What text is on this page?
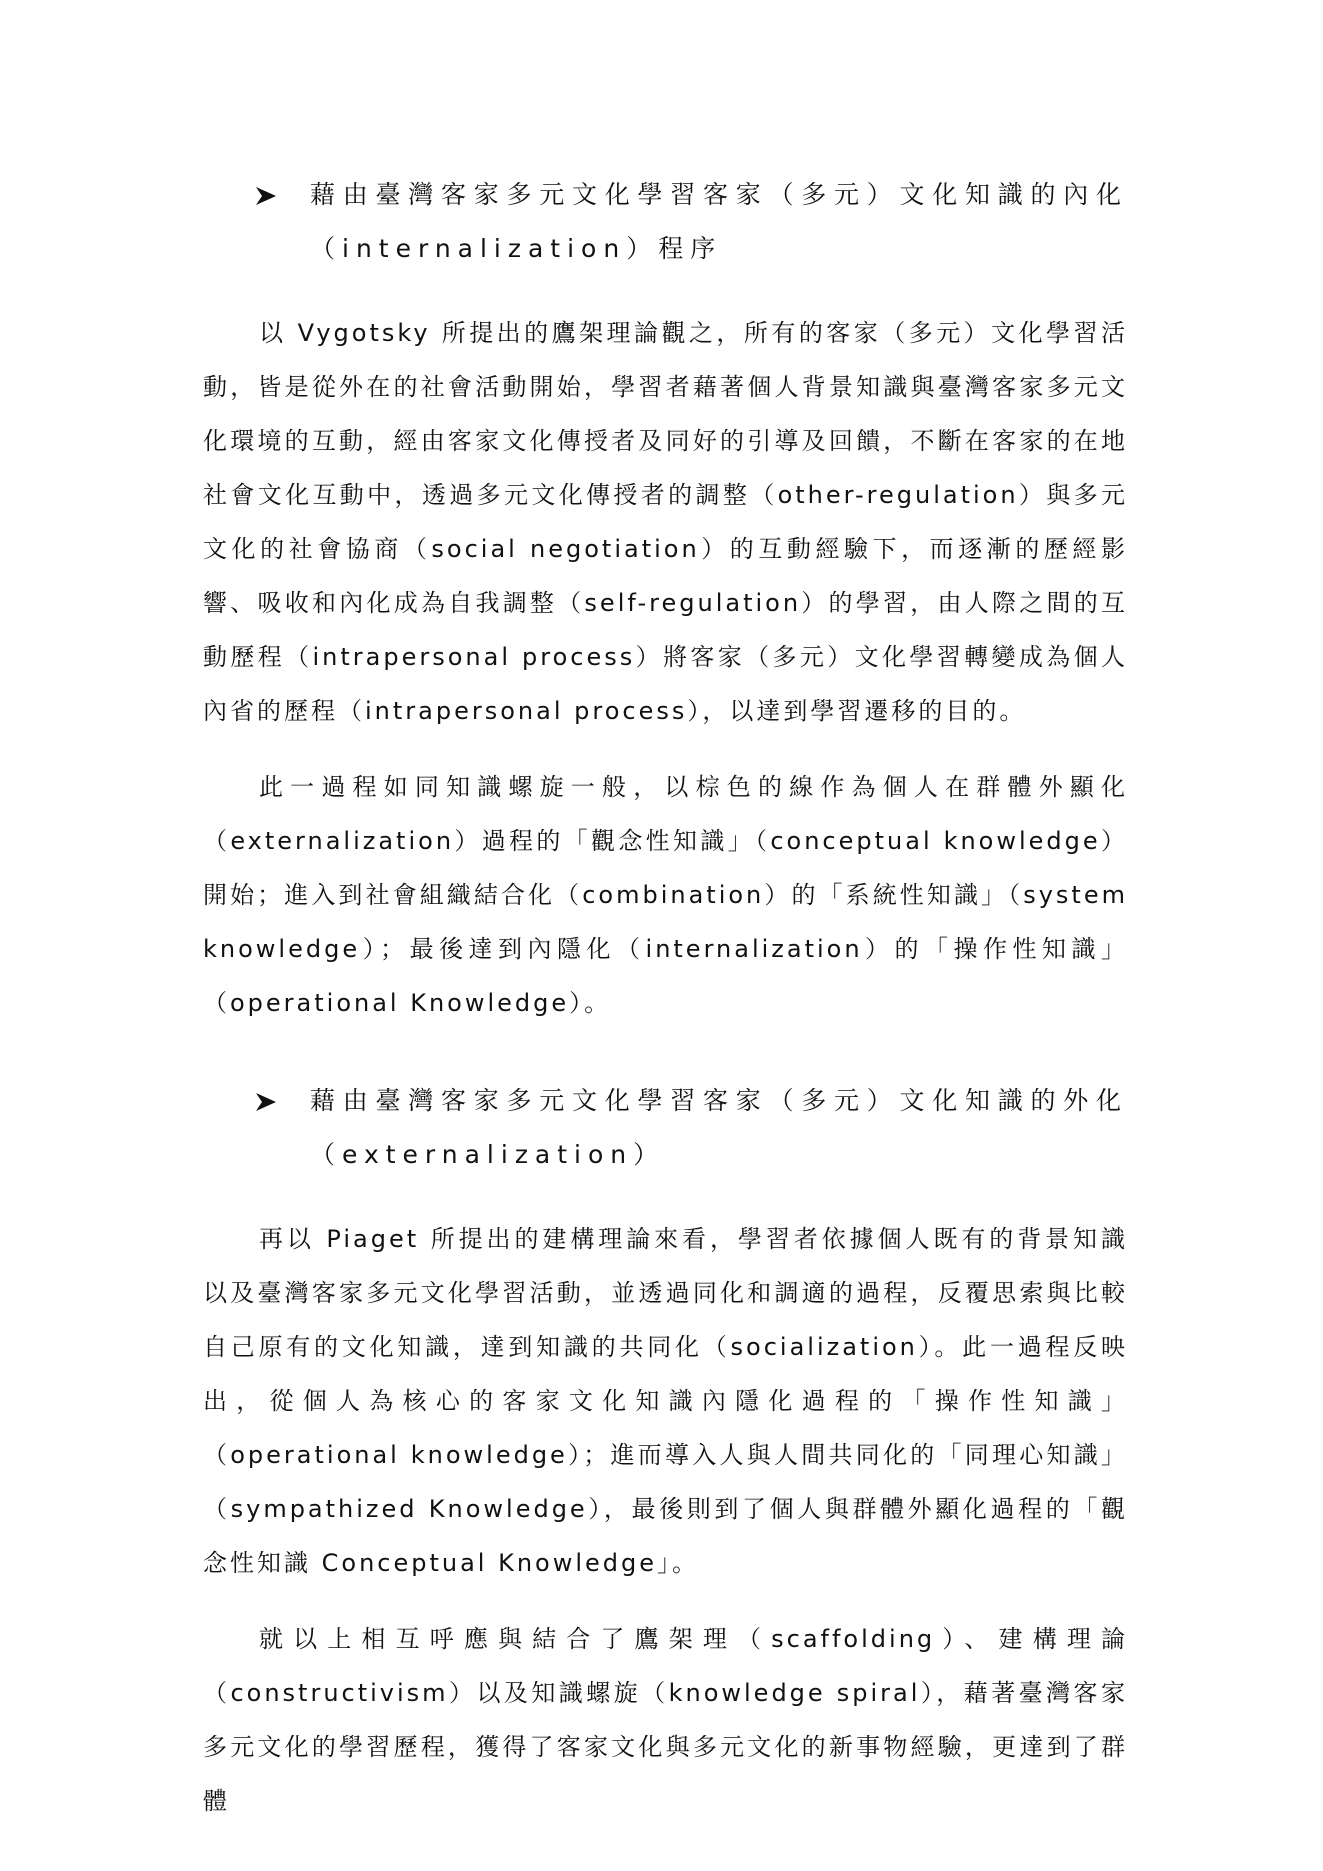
藉由臺灣客家多元文化學習客家（多元）文化知識的內化（internalization）程序

以 Vygotsky 所提出的鷹架理論觀之，所有的客家（多元）文化學習活動，皆是從外在的社會活動開始，學習者藉著個人背景知識與臺灣客家多元文化環境的互動，經由客家文化傳授者及同好的引導及回饋，不斷在客家的在地社會文化互動中，透過多元文化傳授者的調整（other-regulation）與多元文化的社會協商（social negotiation）的互動經驗下，而逐漸的歷經影響、吸收和內化成為自我調整（self-regulation）的學習，由人際之間的互動歷程（intrapersonal process）將客家（多元）文化學習轉變成為個人內省的歷程（intrapersonal process），以達到學習遷移的目的。

此一過程如同知識螺旋一般，以棕色的線作為個人在群體外顯化（externalization）過程的「觀念性知識」（conceptual knowledge）開始；進入到社會組織結合化（combination）的「系統性知識」（system knowledge）；最後達到內隱化（internalization）的「操作性知識」（operational Knowledge）。

藉由臺灣客家多元文化學習客家（多元）文化知識的外化（externalization）

再以 Piaget 所提出的建構理論來看，學習者依據個人既有的背景知識以及臺灣客家多元文化學習活動，並透過同化和調適的過程，反覆思索與比較自己原有的文化知識，達到知識的共同化（socialization）。此一過程反映出，從個人為核心的客家文化知識內隱化過程的「操作性知識」（operational knowledge）；進而導入人與人間共同化的「同理心知識」（sympathized Knowledge），最後則到了個人與群體外顯化過程的「觀念性知識 Conceptual Knowledge」。

就以上相互呼應與結合了鷹架理（scaffolding）、建構理論（constructivism）以及知識螺旋（knowledge spiral），藉著臺灣客家多元文化的學習歷程，獲得了客家文化與多元文化的新事物經驗，更達到了群體
